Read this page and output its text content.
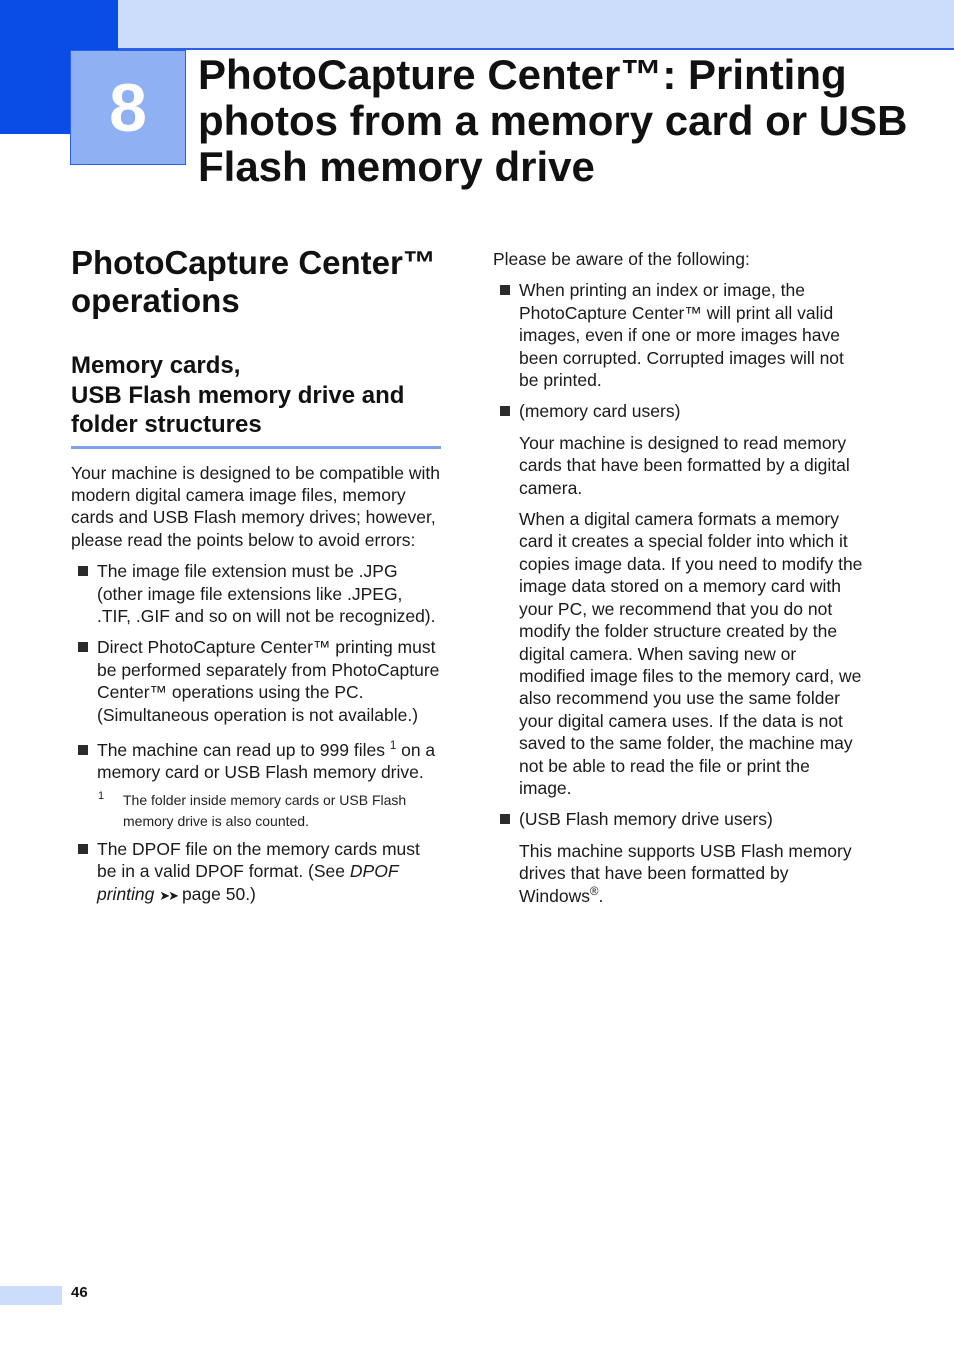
8 PhotoCapture Center™: Printing photos from a memory card or USB Flash memory drive
PhotoCapture Center™ operations
Memory cards,
USB Flash memory drive and folder structures

Your machine is designed to be compatible with modern digital camera image files, memory cards and USB Flash memory drives; however, please read the points below to avoid errors:

The image file extension must be .JPG (other image file extensions like .JPEG, .TIF, .GIF and so on will not be recognized).
Direct PhotoCapture Center™ printing must be performed separately from PhotoCapture Center™ operations using the PC. (Simultaneous operation is not available.)
The machine can read up to 999 files $^1$ on a memory card or USB Flash memory drive.
1 The folder inside memory cards or USB Flash memory drive is also counted.
The DPOF file on the memory cards must be in a valid DPOF format. (See DPOF printing ➤➤ page 50.)

Please be aware of the following:

When printing an index or image, the PhotoCapture Center™ will print all valid images, even if one or more images have been corrupted. Corrupted images will not be printed.
(memory card users)

Your machine is designed to read memory cards that have been formatted by a digital camera.

When a digital camera formats a memory card it creates a special folder into which it copies image data. If you need to modify the image data stored on a memory card with your PC, we recommend that you do not modify the folder structure created by the digital camera. When saving new or modified image files to the memory card, we also recommend you use the same folder your digital camera uses. If the data is not saved to the same folder, the machine may not be able to read the file or print the image.

(USB Flash memory drive users)

This machine supports USB Flash memory drives that have been formatted by Windows®.

46
